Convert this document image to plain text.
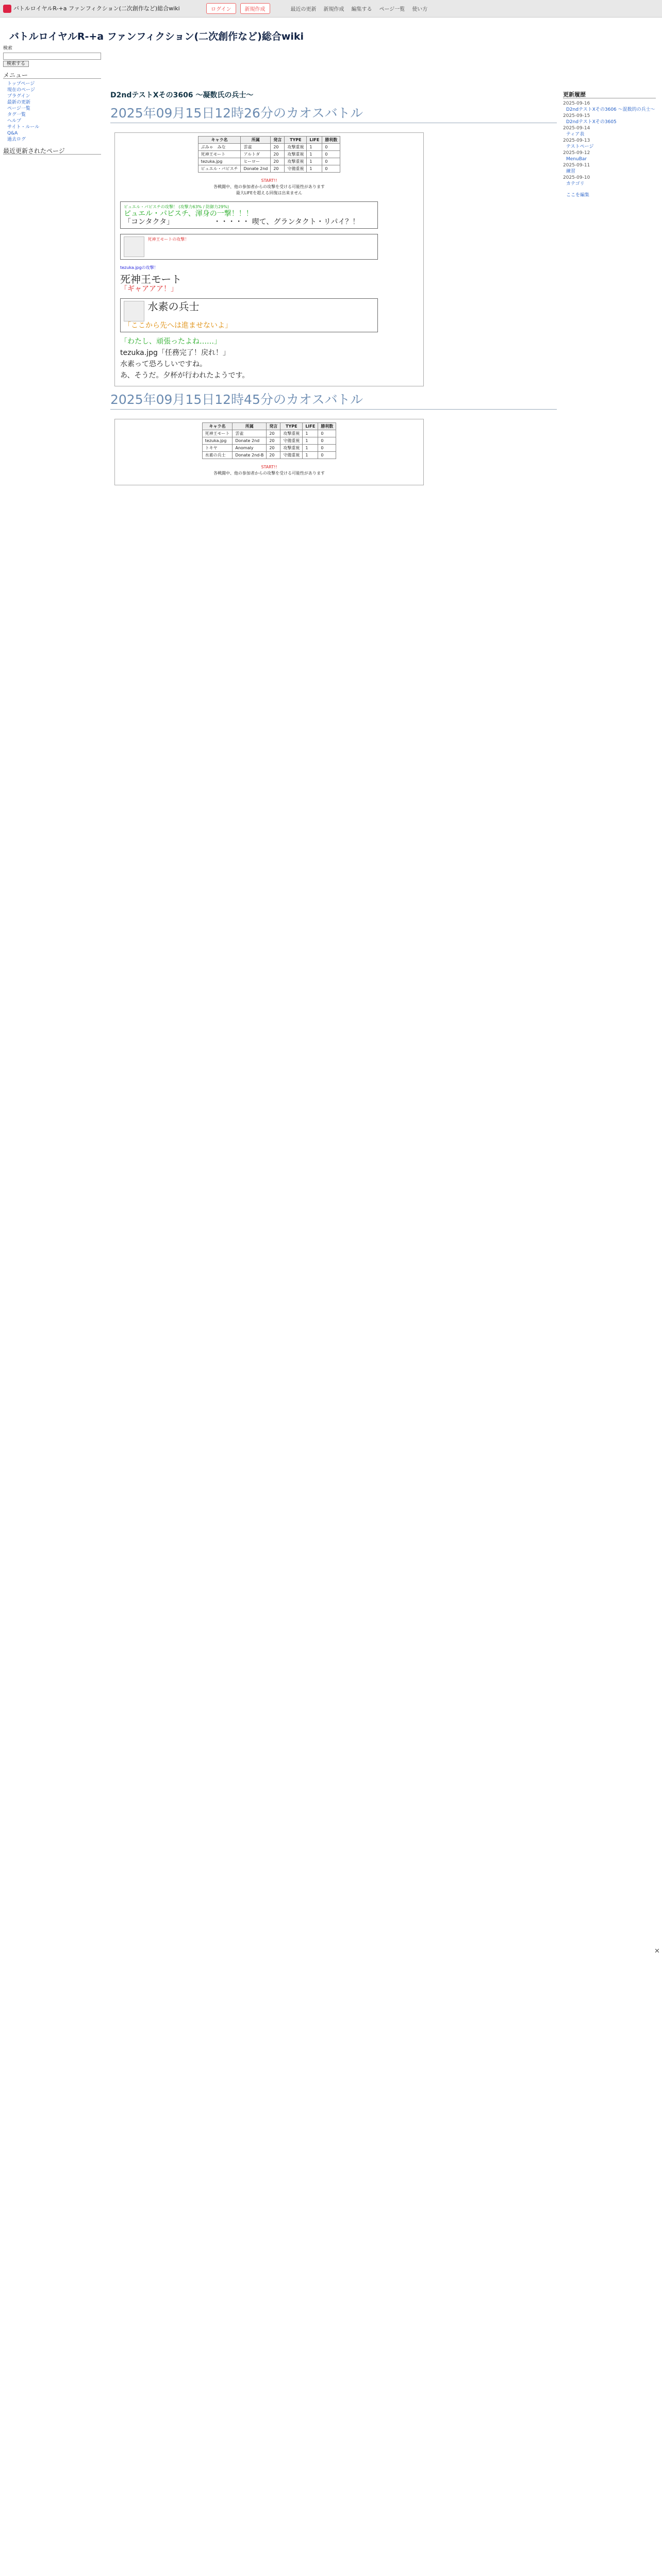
バトルロイヤルR-+a ファンフィクション(二次創作など)総合wiki	ログイン	新規作成	最近の更新 新規作成 編集する ページ一覧 使い方
バトルロイヤルR-+a ファンフィクション(二次創作など)総合wiki
検索
検索する
メニュー
トップページ
現在のページ
プラグイン
最新の更新
ページ一覧
タグ一覧
ヘルプ
サイト・ルール
Q&A
過去ログ
最近更新されたページ
更新履歴
2025-09-16
D2ndテストXその3606 ～混数的の兵士～
2025-09-15
D2ndテストXその3605
2025-09-14
ティア表
2025-09-13
テストページ
2025-09-12
MenuBar
2025-09-11
練習
2025-09-10
カテゴリ
ここを編集
D2ndテストXその3606 ～凝数氏の兵士～
2025年09月15日12時26分のカオスバトル
キャラ名	所属	発言	TYPE	LIFE	勝利数
ぶみゃ　みな	雲雀	20	攻撃重視	1	0
死神王モート	アルトダ	20	攻撃重視	1	0
tezuka.jpg	ヒーロー	20	攻撃重視	1	0
ピュエル・パピスチ	Donate 2nd	20	守備重視	1	0
START!!
各戦闘中、他の参加者からの攻撃を受ける可能性があります
最大LIFEを超える回復は出来ません
ピュエル・パピスチの攻撃！ (攻撃力63% / 防御力29%)
ピュエル・パピスチ、渾身の一撃！！！
「コンタクタ」　　　　　　・・・・・ 喫て、グランタクト・リパイ？！
死神王モートの攻撃！
tezuka.jpgの攻撃！
死神王モート
「ギャアアア！」
水素の兵士
「ここから先へは進ませないよ」
「わたし、頑張ったよね……」
tezuka.jpg「任務完了！戻れ！」
水素って恐ろしいですね。
あ、そうだ。夕杯が行われたようです。
2025年09月15日12時45分のカオスバトル
キャラ名	所属	発言	TYPE	LIFE	勝利数
死神王モート	雲雀	20	攻撃重視	1	0
tezuka.jpg	Donate 2nd	20	守備重視	1	0
トキヤ	Anomaly	20	攻撃重視	1	0
水素の兵士	Donate 2nd-B	20	守備重視	1	0
START!!
各戦闘中、他の参加者からの攻撃を受ける可能性があります
✕
